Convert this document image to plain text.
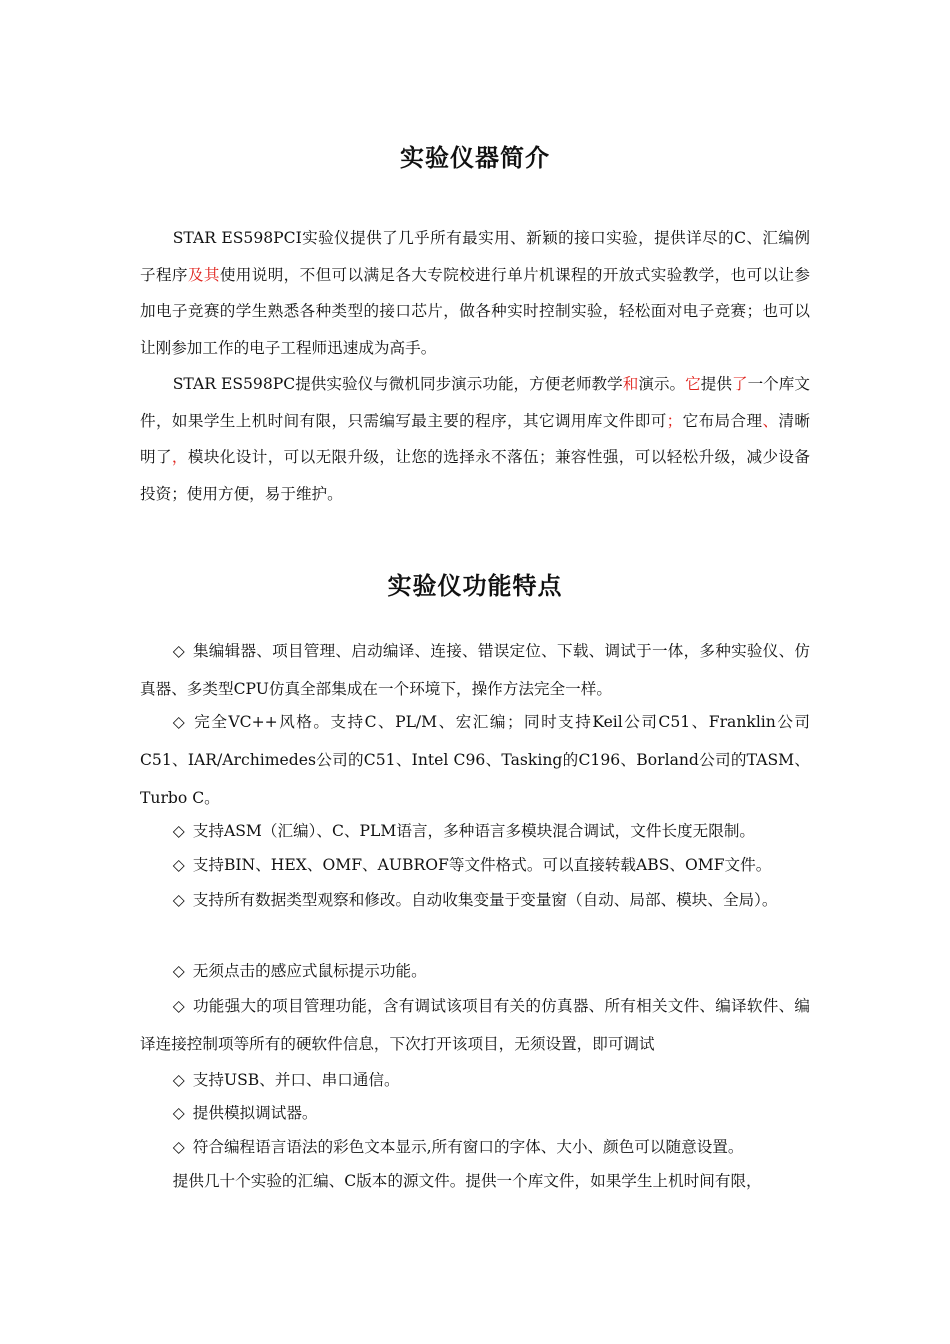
实验仪器简介

STAR ES598PCI实验仪提供了几乎所有最实用、新颖的接口实验，提供详尽的C、汇编例子程序及其使用说明，不但可以满足各大专院校进行单片机课程的开放式实验教学，也可以让参加电子竞赛的学生熟悉各种类型的接口芯片，做各种实时控制实验，轻松面对电子竞赛；也可以让刚参加工作的电子工程师迅速成为高手。

STAR ES598PC提供实验仪与微机同步演示功能，方便老师教学和演示。它提供了一个库文件，如果学生上机时间有限，只需编写最主要的程序，其它调用库文件即可；它布局合理、清晰明了，模块化设计，可以无限升级，让您的选择永不落伍；兼容性强，可以轻松升级，减少设备投资；使用方便，易于维护。

实验仪功能特点

◇ 集编辑器、项目管理、启动编译、连接、错误定位、下载、调试于一体，多种实验仪、仿真器、多类型CPU仿真全部集成在一个环境下，操作方法完全一样。

◇ 完全VC++风格。支持C、PL/M、宏汇编；同时支持Keil公司C51、Franklin公司C51、IAR/Archimedes公司的C51、Intel C96、Tasking的C196、Borland公司的TASM、Turbo C。

◇ 支持ASM（汇编）、C、PLM语言，多种语言多模块混合调试，文件长度无限制。

◇ 支持BIN、HEX、OMF、AUBROF等文件格式。可以直接转载ABS、OMF文件。

◇ 支持所有数据类型观察和修改。自动收集变量于变量窗（自动、局部、模块、全局）。

◇ 无须点击的感应式鼠标提示功能。

◇ 功能强大的项目管理功能，含有调试该项目有关的仿真器、所有相关文件、编译软件、编译连接控制项等所有的硬软件信息，下次打开该项目，无须设置，即可调试

◇ 支持USB、并口、串口通信。

◇ 提供模拟调试器。

◇ 符合编程语言语法的彩色文本显示,所有窗口的字体、大小、颜色可以随意设置。

提供几十个实验的汇编、C版本的源文件。提供一个库文件，如果学生上机时间有限，
